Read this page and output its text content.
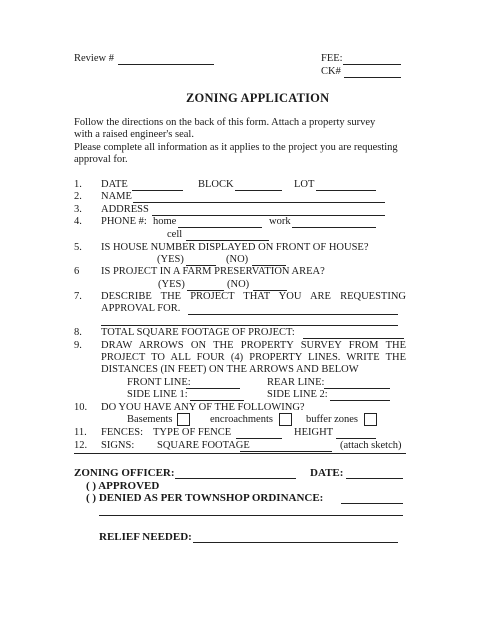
Review #	FEE:
CK#
ZONING APPLICATION
Follow the directions on the back of this form. Attach a property survey
with a raised engineer's seal.
Please complete all information as it applies to the project you are requesting
approval for.
1. DATE	BLOCK	LOT
2. NAME
3. ADDRESS
4. PHONE #: home	work
cell
5. IS HOUSE NUMBER DISPLAYED ON FRONT OF HOUSE?
(YES)	(NO)
6 IS PROJECT IN A FARM PRESERVATION AREA?
(YES)	(NO)
7. DESCRIBE THE PROJECT THAT YOU ARE REQUESTING
APPROVAL FOR.
8. TOTAL SQUARE FOOTAGE OF PROJECT:
9. DRAW ARROWS ON THE PROPERTY SURVEY FROM THE
PROJECT TO ALL FOUR (4) PROPERTY LINES. WRITE THE
DISTANCES (IN FEET) ON THE ARROWS AND BELOW
FRONT LINE:	REAR LINE:
SIDE LINE 1:	SIDE LINE 2:
10. DO YOU HAVE ANY OF THE FOLLOWING?
Basements	encroachments	buffer zones
11. FENCES: TYPE OF FENCE	HEIGHT
12. SIGNS: SQUARE FOOTAGE	(attach sketch)
ZONING OFFICER:	DATE:
( ) APPROVED
( ) DENIED AS PER TOWNSHOP ORDINANCE:
RELIEF NEEDED:
